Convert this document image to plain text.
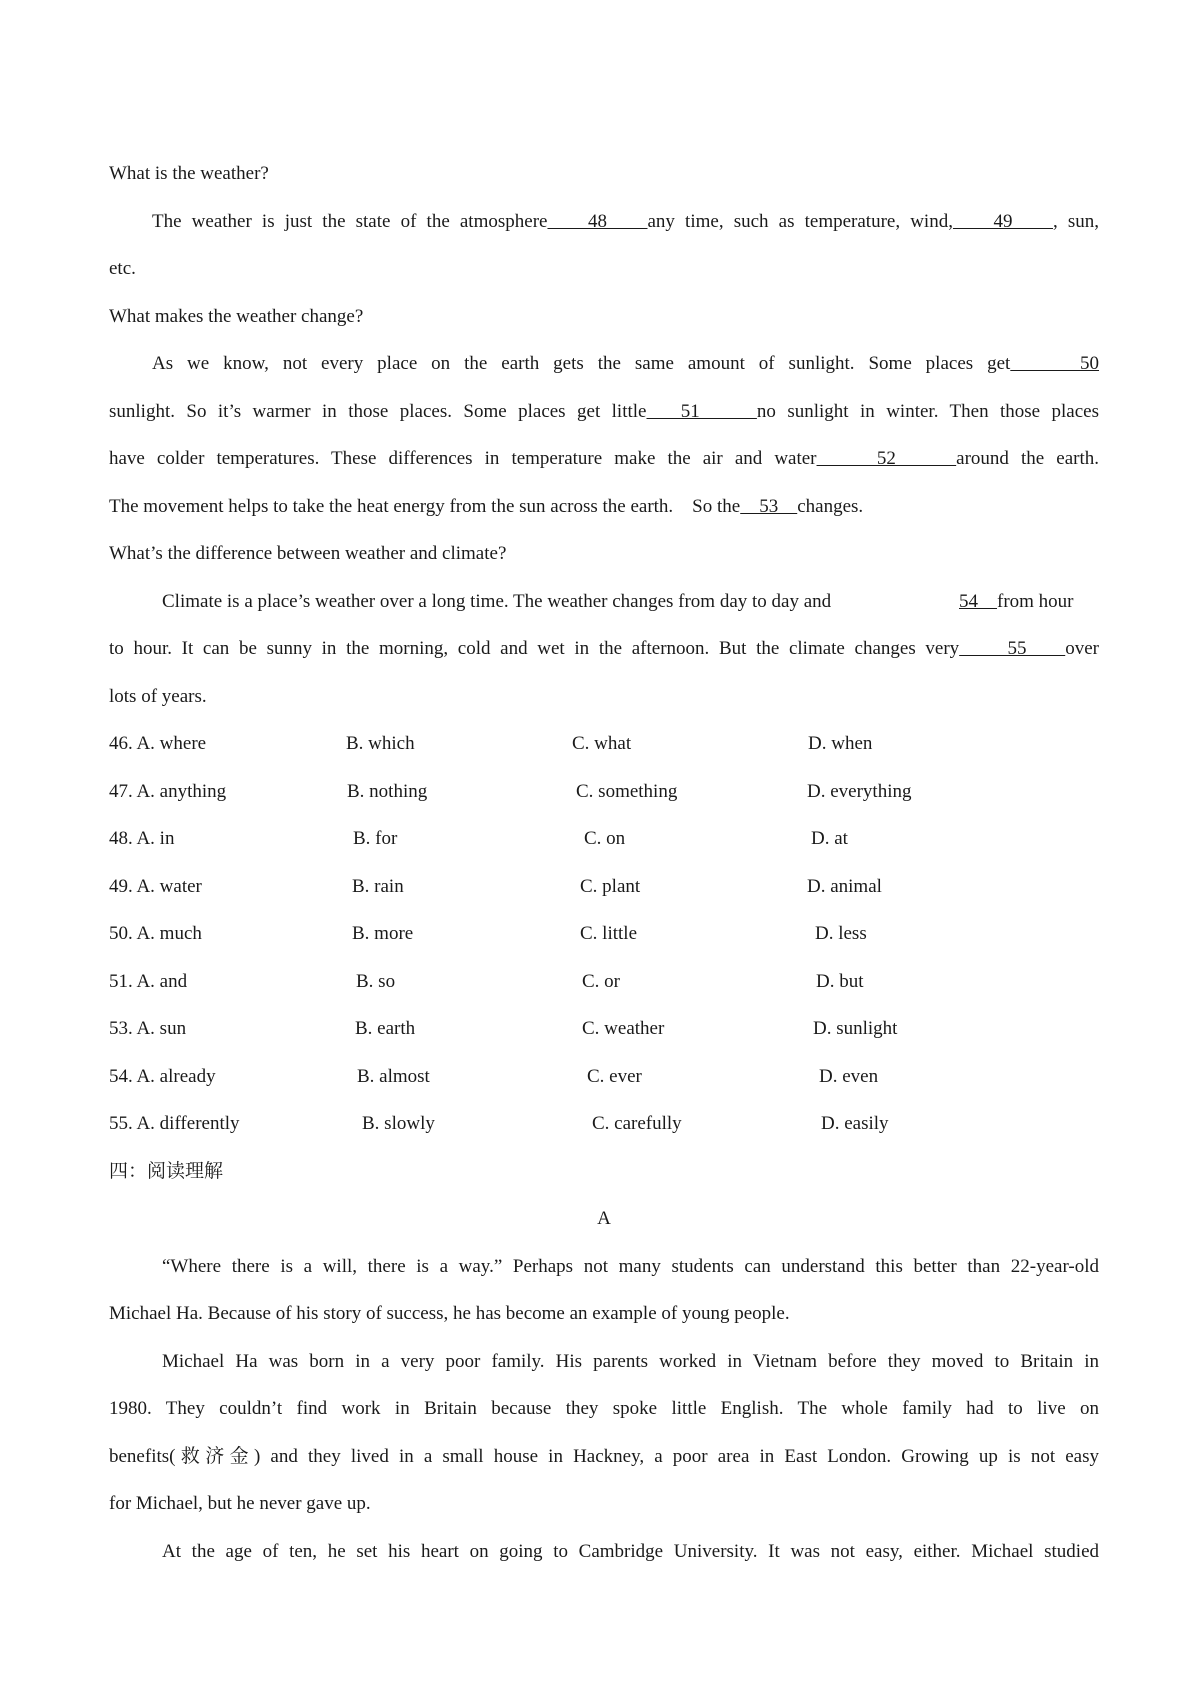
What is the weather?
The weather is just the state of the atmosphere    48    any time, such as temperature, wind,    49    , sun,
etc.
What makes the weather change?
As we know, not every place on the earth gets the same amount of sunlight. Some places get     50
sunlight. So it’s warmer in those places. Some places get little   51     no sunlight in winter. Then those places
have colder temperatures. These differences in temperature make the air and water     52     around the earth.
The movement helps to take the heat energy from the sun across the earth.    So the    53    changes.
What’s the difference between weather and climate?
Climate is a place’s weather over a long time. The weather changes from day to day and	54    from hour
to hour. It can be sunny in the morning, cold and wet in the afternoon. But the climate changes very     55    over
lots of years.
46. A. where	B. which	C. what	D. when
47. A. anything	B. nothing	C. something	D. everything
48. A. in	B. for	C. on	D. at
49. A. water	B. rain	C. plant	D. animal
50. A. much	B. more	C. little	D. less
51. A. and	B. so	C. or	D. but
53. A. sun	B. earth	C. weather	D. sunlight
54. A. already	B. almost	C. ever	D. even
55. A. differently	B. slowly	C. carefully	D. easily
四：阅读理解
A
“Where there is a will, there is a way.” Perhaps not many students can understand this better than 22-year-old
Michael Ha. Because of his story of success, he has become an example of young people.
Michael Ha was born in a very poor family. His parents worked in Vietnam before they moved to Britain in
1980. They couldn’t find work in Britain because they spoke little English. The whole family had to live on
benefits(救济金) and they lived in a small house in Hackney, a poor area in East London. Growing up is not easy
for Michael, but he never gave up.
At the age of ten, he set his heart on going to Cambridge University. It was not easy, either. Michael studied
